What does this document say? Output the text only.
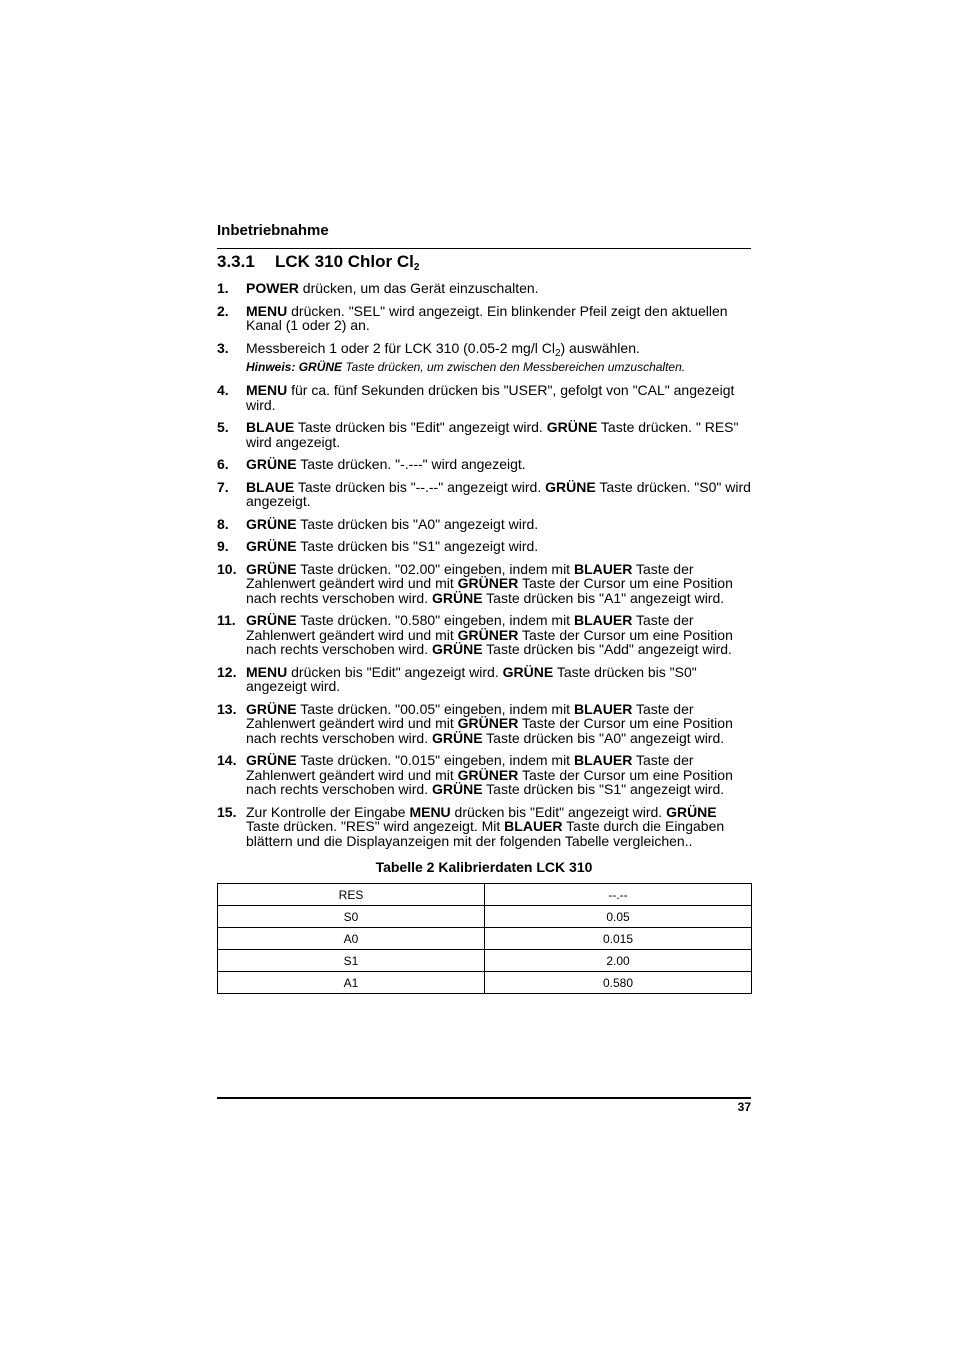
Inbetriebnahme
3.3.1 LCK 310 Chlor $Cl_2$
1. POWER drücken, um das Gerät einzuschalten.
2. MENU drücken. "SEL" wird angezeigt. Ein blinkender Pfeil zeigt den aktuellen Kanal (1 oder 2) an.
3. Messbereich 1 oder 2 für LCK 310 (0.05-2 mg/l $Cl_2$) auswählen.
Hinweis: GRÜNE Taste drücken, um zwischen den Messbereichen umzuschalten.
4. MENU für ca. fünf Sekunden drücken bis "USER", gefolgt von "CAL" angezeigt wird.
5. BLAUE Taste drücken bis "Edit" angezeigt wird. GRÜNE Taste drücken. " RES" wird angezeigt.
6. GRÜNE Taste drücken. "-.---" wird angezeigt.
7. BLAUE Taste drücken bis "--.--" angezeigt wird. GRÜNE Taste drücken. "S0" wird angezeigt.
8. GRÜNE Taste drücken bis "A0" angezeigt wird.
9. GRÜNE Taste drücken bis "S1" angezeigt wird.
10. GRÜNE Taste drücken. "02.00" eingeben, indem mit BLAUER Taste der Zahlenwert geändert wird und mit GRÜNER Taste der Cursor um eine Position nach rechts verschoben wird. GRÜNE Taste drücken bis "A1" angezeigt wird.
11. GRÜNE Taste drücken. "0.580" eingeben, indem mit BLAUER Taste der Zahlenwert geändert wird und mit GRÜNER Taste der Cursor um eine Position nach rechts verschoben wird. GRÜNE Taste drücken bis "Add" angezeigt wird.
12. MENU drücken bis "Edit" angezeigt wird. GRÜNE Taste drücken bis "S0" angezeigt wird.
13. GRÜNE Taste drücken. "00.05" eingeben, indem mit BLAUER Taste der Zahlenwert geändert wird und mit GRÜNER Taste der Cursor um eine Position nach rechts verschoben wird. GRÜNE Taste drücken bis "A0" angezeigt wird.
14. GRÜNE Taste drücken. "0.015" eingeben, indem mit BLAUER Taste der Zahlenwert geändert wird und mit GRÜNER Taste der Cursor um eine Position nach rechts verschoben wird. GRÜNE Taste drücken bis "S1" angezeigt wird.
15. Zur Kontrolle der Eingabe MENU drücken bis "Edit" angezeigt wird. GRÜNE Taste drücken. "RES" wird angezeigt. Mit BLAUER Taste durch die Eingaben blättern und die Displayanzeigen mit der folgenden Tabelle vergleichen..
Tabelle 2 Kalibrierdaten LCK 310
RES	--.--
S0	0.05
A0	0.015
S1	2.00
A1	0.580
37
